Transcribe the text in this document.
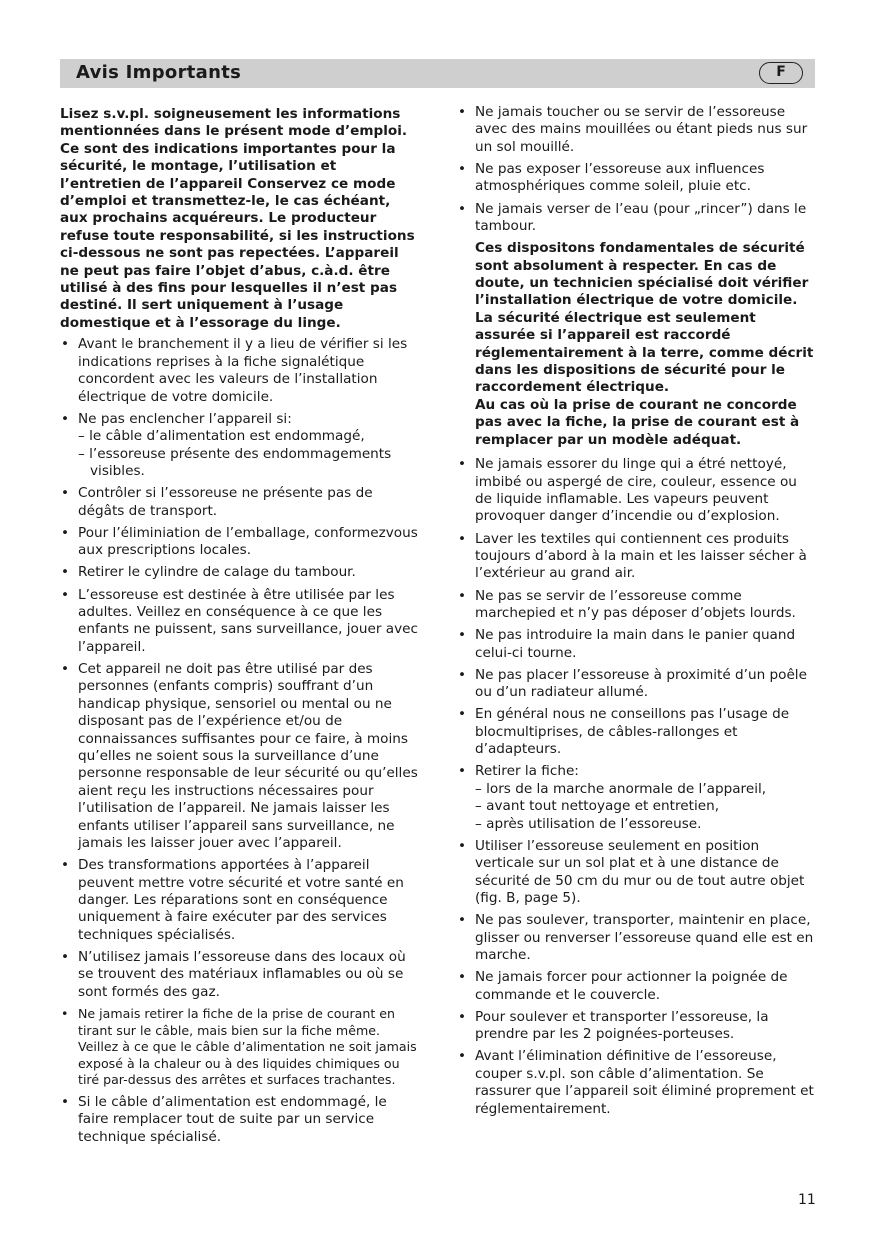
Avis Importants	F

Lisez s.v.pl. soigneusement les informations mentionnées dans le présent mode d’emploi. Ce sont des indications importantes pour la sécurité, le montage, l’utilisation et l’entretien de l’appareil Conservez ce mode d’emploi et transmettez-le, le cas échéant, aux prochains acquéreurs. Le producteur refuse toute responsabilité, si les instructions ci-dessous ne sont pas repectées. L’appareil ne peut pas faire l’objet d’abus, c.à.d. être utilisé à des fins pour lesquelles il n’est pas destiné. Il sert uniquement à l’usage domestique et à l’essorage du linge.

• Avant le branchement il y a lieu de vérifier si les indications reprises à la fiche signalétique concordent avec les valeurs de l’installation électrique de votre domicile.
• Ne pas enclencher l’appareil si:
– le câble d’alimentation est endommagé,
– l’essoreuse présente des endommagements visibles.
• Contrôler si l’essoreuse ne présente pas de dégâts de transport.
• Pour l’éliminiation de l’emballage, conformezvous aux prescriptions locales.
• Retirer le cylindre de calage du tambour.
• L’essoreuse est destinée à être utilisée par les adultes. Veillez en conséquence à ce que les enfants ne puissent, sans surveillance, jouer avec l’appareil.
• Cet appareil ne doit pas être utilisé par des personnes (enfants compris) souffrant d’un handicap physique, sensoriel ou mental ou ne disposant pas de l’expérience et/ou de connaissances suffisantes pour ce faire, à moins qu’elles ne soient sous la surveillance d’une personne responsable de leur sécurité ou qu’elles aient reçu les instructions nécessaires pour l’utilisation de l’appareil. Ne jamais laisser les enfants utiliser l’appareil sans surveillance, ne jamais les laisser jouer avec l’appareil.
• Des transformations apportées à l’appareil peuvent mettre votre sécurité et votre santé en danger. Les réparations sont en conséquence uniquement à faire exécuter par des services techniques spécialisés.
• N’utilisez jamais l’essoreuse dans des locaux où se trouvent des matériaux inflamables ou où se sont formés des gaz.
• Ne jamais retirer la fiche de la prise de courant en tirant sur le câble, mais bien sur la fiche même. Veillez à ce que le câble d’alimentation ne soit jamais exposé à la chaleur ou à des liquides chimiques ou tiré par-dessus des arrêtes et surfaces trachantes.
• Si le câble d’alimentation est endommagé, le faire remplacer tout de suite par un service technique spécialisé.
• Ne jamais toucher ou se servir de l’essoreuse avec des mains mouillées ou étant pieds nus sur un sol mouillé.
• Ne pas exposer l’essoreuse aux influences atmosphériques comme soleil, pluie etc.
• Ne jamais verser de l’eau (pour „rincer”) dans le tambour.
Ces dispositons fondamentales de sécurité sont absolument à respecter. En cas de doute, un technicien spécialisé doit vérifier l’installation électrique de votre domicile. La sécurité électrique est seulement assurée si l’appareil est raccordé réglementairement à la terre, comme décrit dans les dispositions de sécurité pour le raccordement électrique.
Au cas où la prise de courant ne concorde pas avec la fiche, la prise de courant est à remplacer par un modèle adéquat.
• Ne jamais essorer du linge qui a étré nettoyé, imbibé ou aspergé de cire, couleur, essence ou de liquide inflamable. Les vapeurs peuvent provoquer danger d’incendie ou d’explosion.
• Laver les textiles qui contiennent ces produits toujours d’abord à la main et les laisser sécher à l’extérieur au grand air.
• Ne pas se servir de l’essoreuse comme marchepied et n’y pas déposer d’objets lourds.
• Ne pas introduire la main dans le panier quand celui-ci tourne.
• Ne pas placer l’essoreuse à proximité d’un poêle ou d’un radiateur allumé.
• En général nous ne conseillons pas l’usage de blocmultiprises, de câbles-rallonges et d’adapteurs.
• Retirer la fiche:
– lors de la marche anormale de l’appareil,
– avant tout nettoyage et entretien,
– après utilisation de l’essoreuse.
• Utiliser l’essoreuse seulement en position verticale sur un sol plat et à une distance de sécurité de 50 cm du mur ou de tout autre objet (fig. B, page 5).
• Ne pas soulever, transporter, maintenir en place, glisser ou renverser l’essoreuse quand elle est en marche.
• Ne jamais forcer pour actionner la poignée de commande et le couvercle.
• Pour soulever et transporter l’essoreuse, la prendre par les 2 poignées-porteuses.
• Avant l’élimination définitive de l’essoreuse, couper s.v.pl. son câble d’alimentation. Se rassurer que l’appareil soit éliminé proprement et réglementairement.
11
